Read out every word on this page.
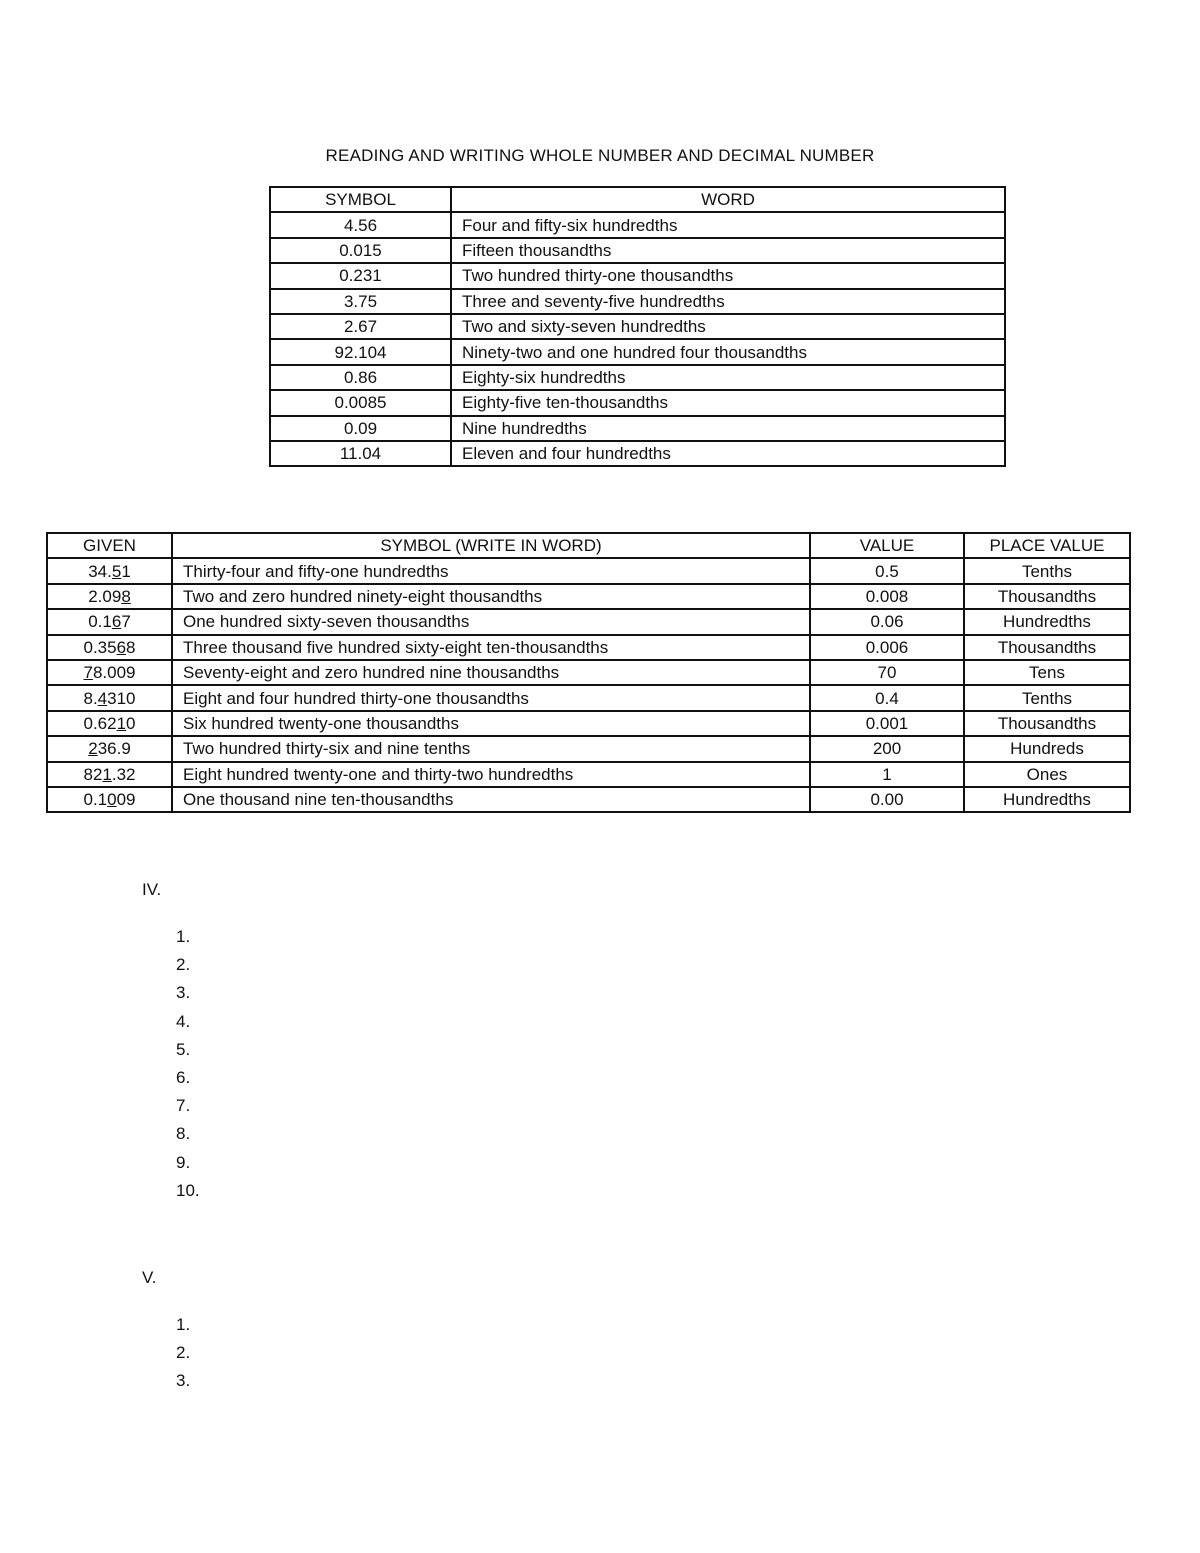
READING AND WRITING WHOLE NUMBER AND DECIMAL NUMBER
SYMBOL	WORD
4.56	Four and fifty-six hundredths
0.015	Fifteen thousandths
0.231	Two hundred thirty-one thousandths
3.75	Three and seventy-five hundredths
2.67	Two and sixty-seven hundredths
92.104	Ninety-two and one hundred four thousandths
0.86	Eighty-six hundredths
0.0085	Eighty-five ten-thousandths
0.09	Nine hundredths
11.04	Eleven and four hundredths
GIVEN	SYMBOL (WRITE IN WORD)	VALUE	PLACE VALUE
34.51	Thirty-four and fifty-one hundredths	0.5	Tenths
2.098	Two and zero hundred ninety-eight thousandths	0.008	Thousandths
0.167	One hundred sixty-seven thousandths	0.06	Hundredths
0.3568	Three thousand five hundred sixty-eight ten-thousandths	0.006	Thousandths
78.009	Seventy-eight and zero hundred nine thousandths	70	Tens
8.4310	Eight and four hundred thirty-one thousandths	0.4	Tenths
0.6210	Six hundred twenty-one thousandths	0.001	Thousandths
236.9	Two hundred thirty-six and nine tenths	200	Hundreds
821.32	Eight hundred twenty-one and thirty-two hundredths	1	Ones
0.1009	One thousand nine ten-thousandths	0.00	Hundredths
IV.
1.
2.
3.
4.
5.
6.
7.
8.
9.
10.
V.
1.
2.
3.
